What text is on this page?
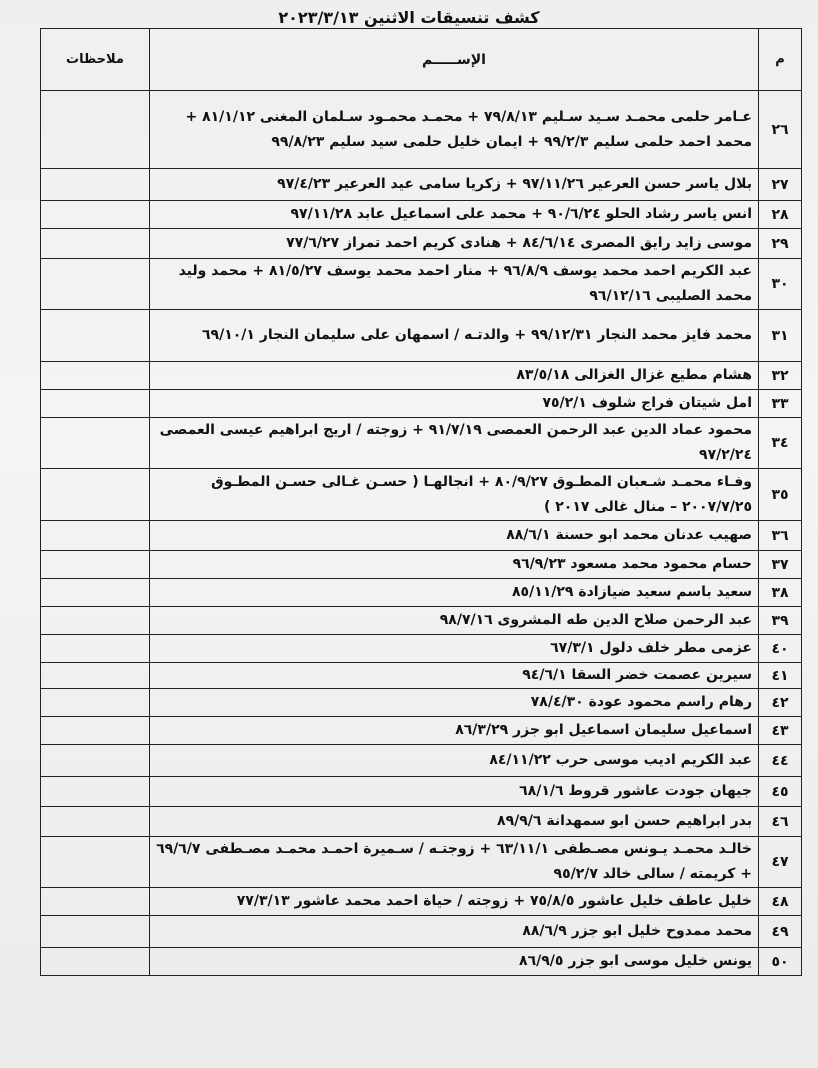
كشف تنسيقات الاثنين ٢٠٢٣/٣/١٣
م	الإســـــم	ملاحظات
٢٦	عـامر حلمى محمـد سـيد سـليم ٧٩/٨/١٣ + محمـد محمـود سـلمان المغنى ٨١/١/١٢ + محمد احمد حلمى سليم ٩٩/٢/٣ + ايمان خليل حلمى سيد سليم ٩٩/٨/٢٣	
٢٧	بلال ياسر حسن العرعير ٩٧/١١/٢٦ + زكريا سامى عيد العرعير ٩٧/٤/٢٣	
٢٨	انس ياسر رشاد الحلو ٩٠/٦/٢٤ + محمد على اسماعيل عابد ٩٧/١١/٢٨	
٢٩	موسى زايد رايق المصرى ٨٤/٦/١٤ + هنادى كريم احمد تمراز ٧٧/٦/٢٧	
٣٠	عبد الكريم احمد محمد يوسف ٩٦/٨/٩ + منار احمد محمد يوسف ٨١/٥/٢٧ + محمد وليد محمد الصليبى ٩٦/١٢/١٦	
٣١	محمد فايز محمد النجار ٩٩/١٢/٣١ + والدتـه / اسمهان على سليمان النجار ٦٩/١٠/١	
٣٢	هشام مطيع غزال الغزالى ٨٣/٥/١٨	
٣٣	امل شيتان فراج شلوف ٧٥/٢/١	
٣٤	محمود عماد الدين عبد الرحمن العمصى ٩١/٧/١٩ + زوجته / اريج ابراهيم عيسى العمصى ٩٧/٢/٢٤	
٣٥	وفـاء محمـد شـعبان المطـوق ٨٠/٩/٢٧ + انجالهـا ( حسـن غـالى حسـن المطـوق ٢٠٠٧/٧/٢٥ – منال غالى ٢٠١٧ )	
٣٦	صهيب عدنان محمد ابو حسنة ٨٨/٦/١	
٣٧	حسام محمود محمد مسعود ٩٦/٩/٢٣	
٣٨	سعيد باسم سعيد ضيازادة ٨٥/١١/٢٩	
٣٩	عبد الرحمن صلاح الدين طه المشروى ٩٨/٧/١٦	
٤٠	عزمى مطر خلف دلول ٦٧/٣/١	
٤١	سيرين عصمت خضر السقا ٩٤/٦/١	
٤٢	رهام راسم محمود عودة ٧٨/٤/٣٠	
٤٣	اسماعيل سليمان اسماعيل ابو جزر ٨٦/٣/٢٩	
٤٤	عبد الكريم اديب موسى حرب ٨٤/١١/٢٢	
٤٥	جيهان جودت عاشور قروط ٦٨/١/٦	
٤٦	بدر ابراهيم حسن ابو سمهدانة ٨٩/٩/٦	
٤٧	خالـد محمـد يـونس مصـطفى ٦٣/١١/١ + زوجتـه / سـميرة احمـد محمـد مصـطفى ٦٩/٦/٧ + كريمته / سالى خالد ٩٥/٢/٧	
٤٨	خليل عاطف خليل عاشور ٧٥/٨/٥ + زوجته / حياة احمد محمد عاشور ٧٧/٣/١٣	
٤٩	محمد ممدوح خليل ابو جزر ٨٨/٦/٩	
٥٠	يونس خليل موسى ابو جزر ٨٦/٩/٥	
